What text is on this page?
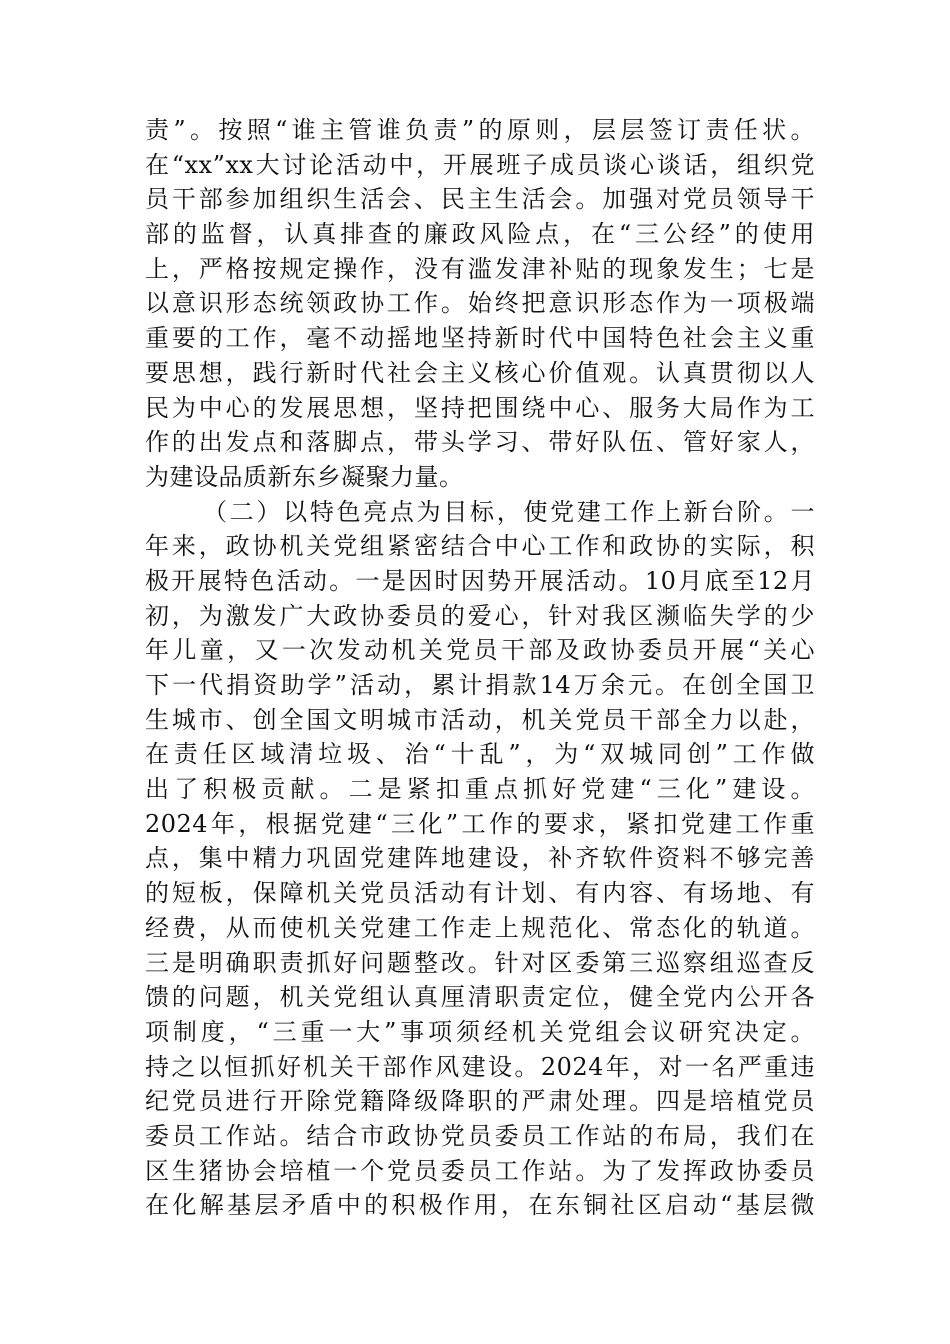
责”。按照“谁主管谁负责”的原则，层层签订责任状。
在“xx”xx大讨论活动中，开展班子成员谈心谈话，组织党
员干部参加组织生活会、民主生活会。加强对党员领导干
部的监督，认真排查的廉政风险点，在“三公经”的使用
上，严格按规定操作，没有滥发津补贴的现象发生；七是
以意识形态统领政协工作。始终把意识形态作为一项极端
重要的工作，毫不动摇地坚持新时代中国特色社会主义重
要思想，践行新时代社会主义核心价值观。认真贯彻以人
民为中心的发展思想，坚持把围绕中心、服务大局作为工
作的出发点和落脚点，带头学习、带好队伍、管好家人，
为建设品质新东乡凝聚力量。
（二）以特色亮点为目标，使党建工作上新台阶。一
年来，政协机关党组紧密结合中心工作和政协的实际，积
极开展特色活动。一是因时因势开展活动。10月底至12月
初，为激发广大政协委员的爱心，针对我区濒临失学的少
年儿童，又一次发动机关党员干部及政协委员开展“关心
下一代捐资助学”活动，累计捐款14万余元。在创全国卫
生城市、创全国文明城市活动，机关党员干部全力以赴，
在责任区域清垃圾、治“十乱”，为“双城同创”工作做
出了积极贡献。二是紧扣重点抓好党建“三化”建设。
2024年，根据党建“三化”工作的要求，紧扣党建工作重
点，集中精力巩固党建阵地建设，补齐软件资料不够完善
的短板，保障机关党员活动有计划、有内容、有场地、有
经费，从而使机关党建工作走上规范化、常态化的轨道。
三是明确职责抓好问题整改。针对区委第三巡察组巡查反
馈的问题，机关党组认真厘清职责定位，健全党内公开各
项制度，“三重一大”事项须经机关党组会议研究决定。
持之以恒抓好机关干部作风建设。2024年，对一名严重违
纪党员进行开除党籍降级降职的严肃处理。四是培植党员
委员工作站。结合市政协党员委员工作站的布局，我们在
区生猪协会培植一个党员委员工作站。为了发挥政协委员
在化解基层矛盾中的积极作用，在东铜社区启动“基层微
